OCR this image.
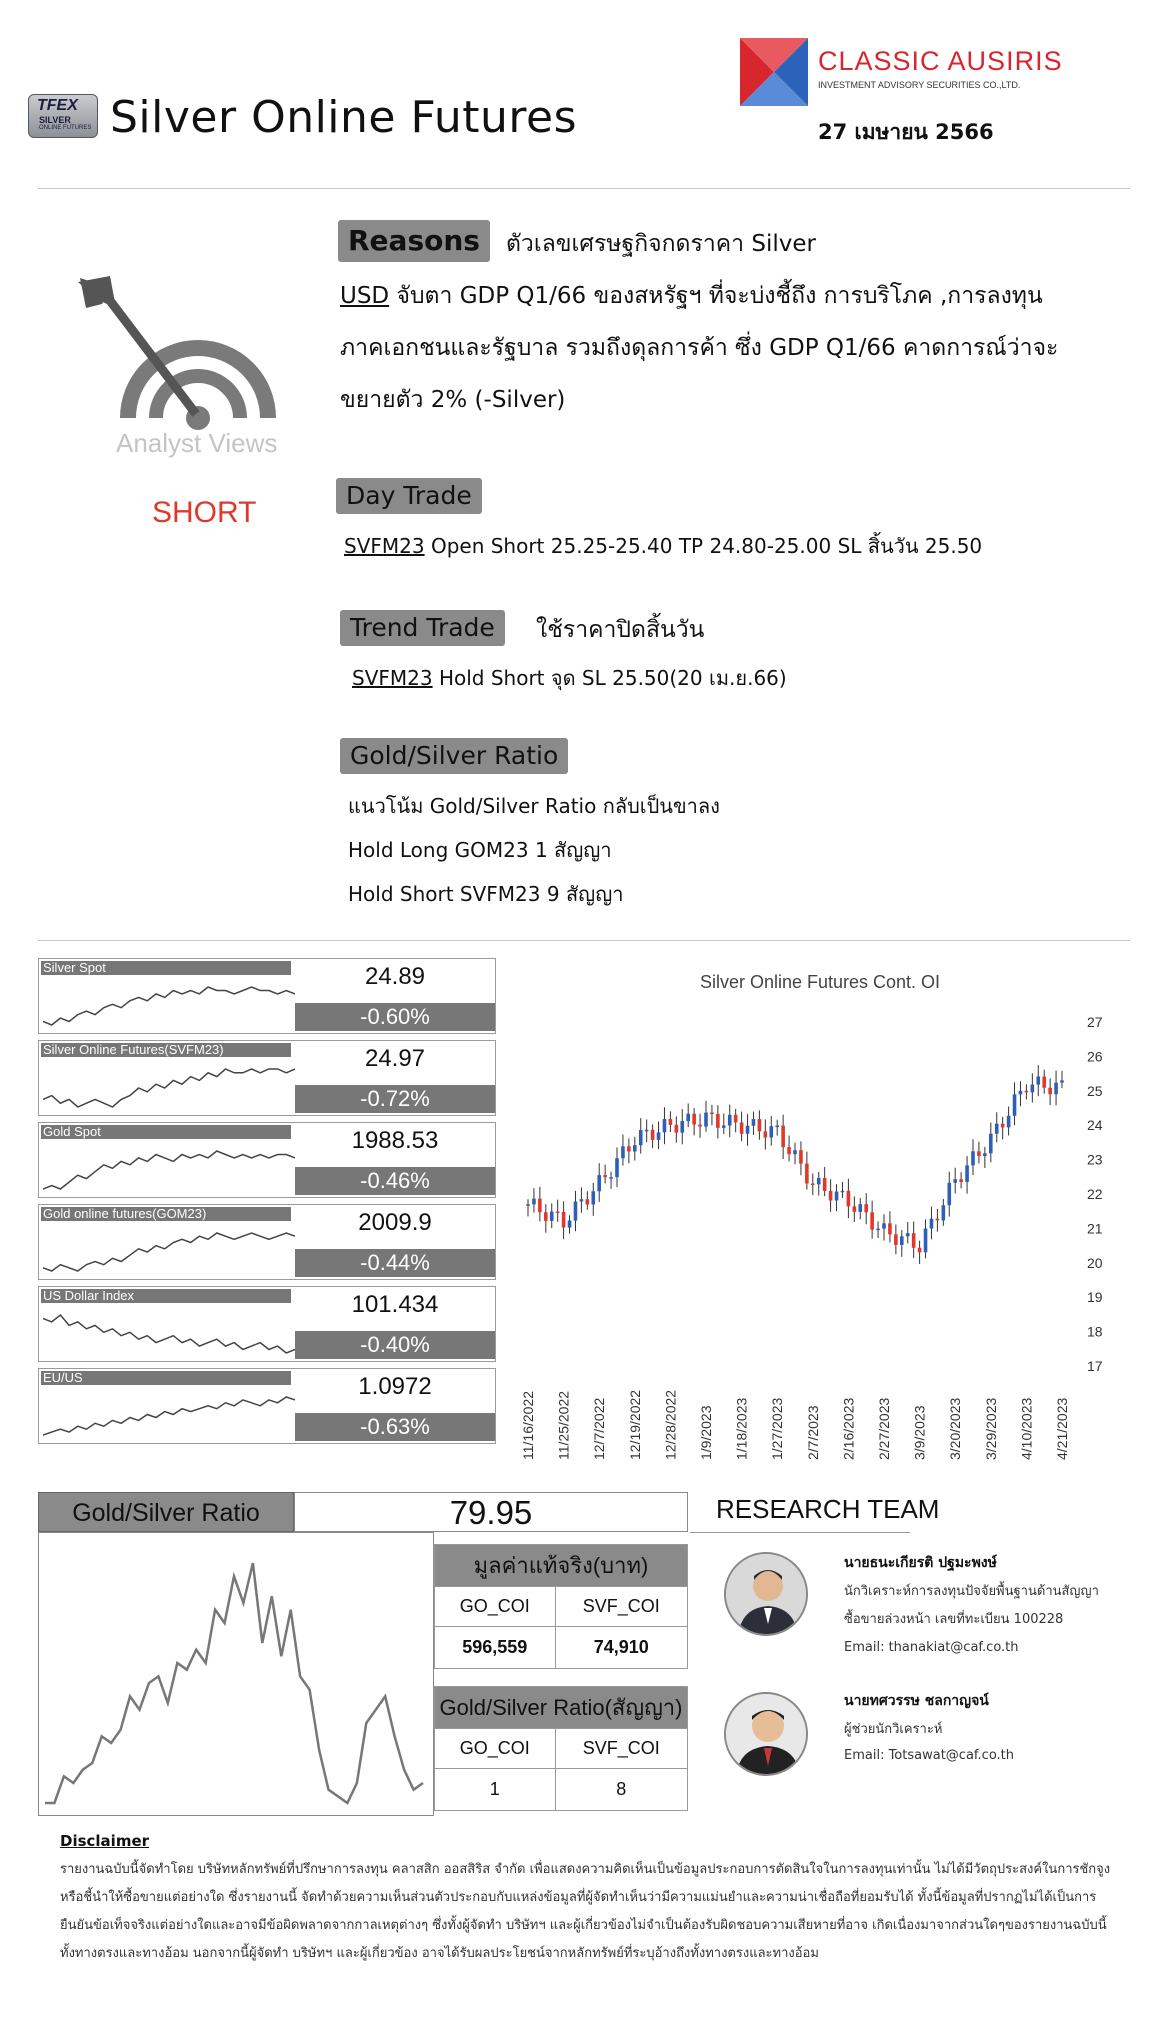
TFEX
SILVER
ONLINE FUTURES Silver Online Futures
CLASSIC AUSIRIS
INVESTMENT ADVISORY SECURITIES CO.,LTD.
27 เมษายน 2566
Analyst Views
SHORT
Reasons	ตัวเลขเศรษฐกิจกดราคา Silver
USD จับตา GDP Q1/66 ของสหรัฐฯ ที่จะบ่งชี้ถึง การบริโภค ,การลงทุน
ภาคเอกชนและรัฐบาล รวมถึงดุลการค้า ซึ่ง GDP Q1/66 คาดการณ์ว่าจะ
ขยายตัว 2% (-Silver)
Day Trade
SVFM23 Open Short 25.25-25.40 TP 24.80-25.00 SL สิ้นวัน 25.50
Trend Trade	ใช้ราคาปิดสิ้นวัน
SVFM23 Hold Short จุด SL 25.50(20 เม.ย.66)
Gold/Silver Ratio
แนวโน้ม Gold/Silver Ratio กลับเป็นขาลง
Hold Long GOM23 1 สัญญา
Hold Short SVFM23 9 สัญญา
Silver Spot	24.89
-0.60%
Silver Online Futures(SVFM23)	24.97
-0.72%
Gold Spot	1988.53
-0.46%
Gold online futures(GOM23)	2009.9
-0.44%
US Dollar Index	101.434
-0.40%
EU/US	1.0972
-0.63%
Silver Online Futures Cont. OI
27
26
25
24
23
22
21
20
19
18
17
11/16/2022 11/25/2022 12/7/2022 12/19/2022 12/28/2022 1/9/2023 1/18/2023 1/27/2023 2/7/2023 2/16/2023 2/27/2023 3/9/2023 3/20/2023 3/29/2023 4/10/2023 4/21/2023
Gold/Silver Ratio	79.95
มูลค่าแท้จริง(บาท)	
GO_COI	SVF_COI
596,559	74,910
Gold/Silver Ratio(สัญญา)	
GO_COI	SVF_COI
1	8
RESEARCH TEAM
นายธนะเกียรติ ปฐมะพงษ์
นักวิเคราะห์การลงทุนปัจจัยพื้นฐานด้านสัญญา
ซื้อขายล่วงหน้า เลขที่ทะเบียน 100228
Email: thanakiat@caf.co.th
นายทศวรรษ ชลกาญจน์
ผู้ช่วยนักวิเคราะห์
Email: Totsawat@caf.co.th
Disclaimer
รายงานฉบับนี้จัดทำโดย บริษัทหลักทรัพย์ที่ปรึกษาการลงทุน คลาสสิก ออสสิริส จำกัด เพื่อแสดงความคิดเห็นเป็นข้อมูลประกอบการตัดสินใจในการลงทุนเท่านั้น ไม่ได้มีวัตถุประสงค์ในการชักจูงหรือชี้นำให้ซื้อขายแต่อย่างใด ซึ่งรายงานนี้ จัดทำด้วยความเห็นส่วนตัวประกอบกับแหล่งข้อมูลที่ผู้จัดทำเห็นว่ามีความแม่นยำและความน่าเชื่อถือที่ยอมรับได้ ทั้งนี้ข้อมูลที่ปรากฏไม่ได้เป็นการยืนยันข้อเท็จจริงแต่อย่างใดและอาจมีข้อผิดพลาดจากกาลเหตุต่างๆ ซึ่งทั้งผู้จัดทำ บริษัทฯ และผู้เกี่ยวข้องไม่จำเป็นต้องรับผิดชอบความเสียหายที่อาจ เกิดเนื่องมาจากส่วนใดๆของรายงานฉบับนี้ทั้งทางตรงและทางอ้อม นอกจากนี้ผู้จัดทำ บริษัทฯ และผู้เกี่ยวข้อง อาจได้รับผลประโยชน์จากหลักทรัพย์ที่ระบุอ้างถึงทั้งทางตรงและทางอ้อม
